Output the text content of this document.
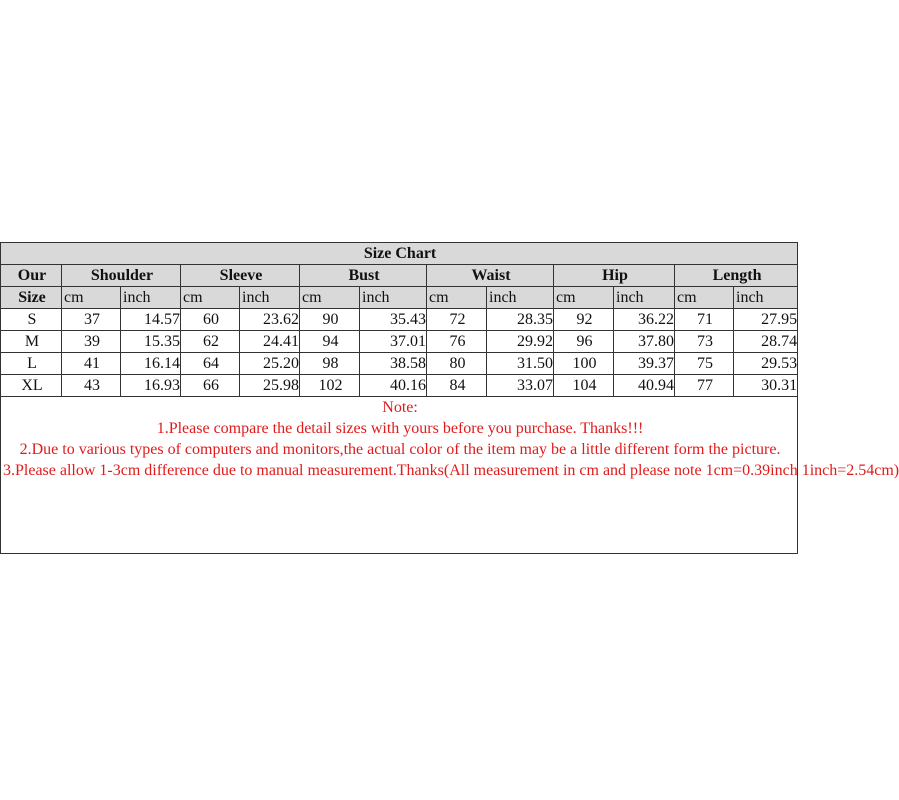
Size Chart												
Our	Shoulder		Sleeve		Bust		Waist		Hip		Length	
Size	cm	inch	cm	inch	cm	inch	cm	inch	cm	inch	cm	inch
S	37	14.57	60	23.62	90	35.43	72	28.35	92	36.22	71	27.95
M	39	15.35	62	24.41	94	37.01	76	29.92	96	37.80	73	28.74
L	41	16.14	64	25.20	98	38.58	80	31.50	100	39.37	75	29.53
XL	43	16.93	66	25.98	102	40.16	84	33.07	104	40.94	77	30.31

Note:
1.Please compare the detail sizes with yours before you purchase. Thanks!!!
2.Due to various types of computers and monitors,the actual color of the item may be a little different form the picture.
3.Please allow 1-3cm difference due to manual measurement.Thanks(All measurement in cm and please note 1cm=0.39inch 1inch=2.54cm)												
